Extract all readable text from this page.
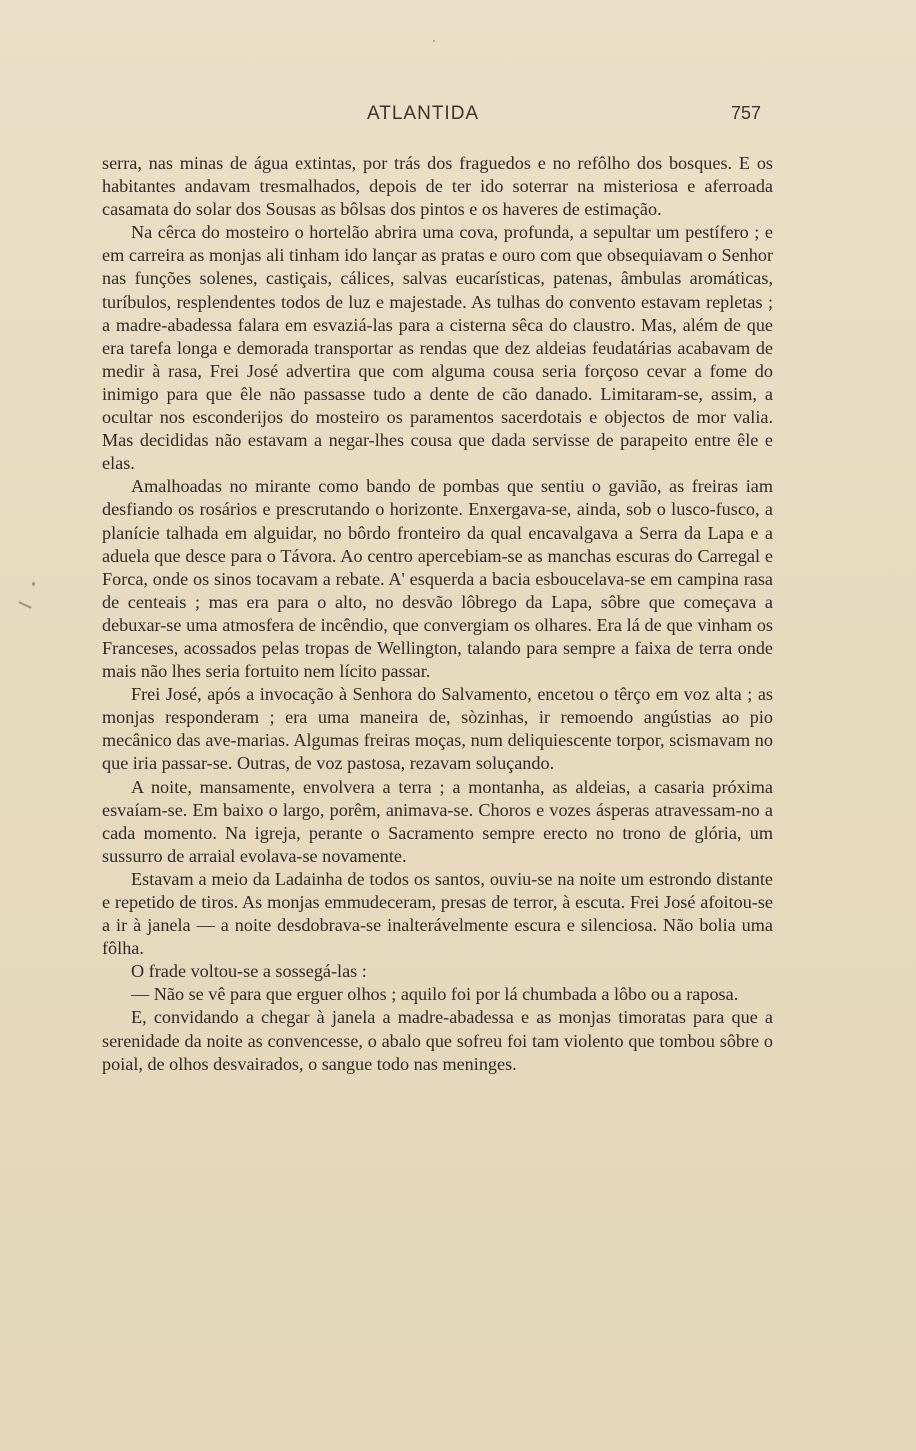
ATLANTIDA	757

serra, nas minas de água extintas, por trás dos fraguedos e no refôlho dos bosques. E os habitantes andavam tresmalhados, depois de ter ido soterrar na misteriosa e aferroada casamata do solar dos Sousas as bôlsas dos pintos e os haveres de estimação.

Na cêrca do mosteiro o hortelão abrira uma cova, profunda, a sepultar um pestífero ; e em carreira as monjas ali tinham ido lançar as pratas e ouro com que obsequiavam o Senhor nas funções solenes, castiçais, cálices, salvas eucarísticas, patenas, âmbulas aromáticas, turíbulos, resplendentes todos de luz e majestade. As tulhas do convento estavam repletas ; a madre-abadessa falara em esvaziá-las para a cisterna sêca do claustro. Mas, além de que era tarefa longa e demorada transportar as rendas que dez aldeias feudatárias acabavam de medir à rasa, Frei José advertira que com alguma cousa seria forçoso cevar a fome do inimigo para que êle não passasse tudo a dente de cão danado. Limitaram-se, assim, a ocultar nos esconderijos do mosteiro os paramentos sacerdotais e objectos de mor valia. Mas decididas não estavam a negar-lhes cousa que dada servisse de parapeito entre êle e elas.

Amalhoadas no mirante como bando de pombas que sentiu o gavião, as freiras iam desfiando os rosários e prescrutando o horizonte. Enxergava-se, ainda, sob o lusco-fusco, a planície talhada em alguidar, no bôrdo fronteiro da qual encavalgava a Serra da Lapa e a aduela que desce para o Távora. Ao centro apercebiam-se as manchas escuras do Carregal e Forca, onde os sinos tocavam a rebate. A' esquerda a bacia esboucelava-se em campina rasa de centeais ; mas era para o alto, no desvão lôbrego da Lapa, sôbre que começava a debuxar-se uma atmosfera de incêndio, que convergiam os olhares. Era lá de que vinham os Franceses, acossados pelas tropas de Wellington, talando para sempre a faixa de terra onde mais não lhes seria fortuito nem lícito passar.

Frei José, após a invocação à Senhora do Salvamento, encetou o têrço em voz alta ; as monjas responderam ; era uma maneira de, sòzinhas, ir remoendo angústias ao pio mecânico das ave-marias. Algumas freiras moças, num deliquiescente torpor, scismavam no que iria passar-se. Outras, de voz pastosa, rezavam soluçando.

A noite, mansamente, envolvera a terra ; a montanha, as aldeias, a casaria próxima esvaíam-se. Em baixo o largo, porêm, animava-se. Choros e vozes ásperas atravessam-no a cada momento. Na igreja, perante o Sacramento sempre erecto no trono de glória, um sussurro de arraial evolava-se novamente.

Estavam a meio da Ladainha de todos os santos, ouviu-se na noite um estrondo distante e repetido de tiros. As monjas emmudeceram, presas de terror, à escuta. Frei José afoitou-se a ir à janela — a noite desdobrava-se inalterávelmente escura e silenciosa. Não bolia uma fôlha.

O frade voltou-se a sossegá-las :

— Não se vê para que erguer olhos ; aquilo foi por lá chumbada a lôbo ou a raposa.

E, convidando a chegar à janela a madre-abadessa e as monjas timoratas para que a serenidade da noite as convencesse, o abalo que sofreu foi tam violento que tombou sôbre o poial, de olhos desvairados, o sangue todo nas meninges.
